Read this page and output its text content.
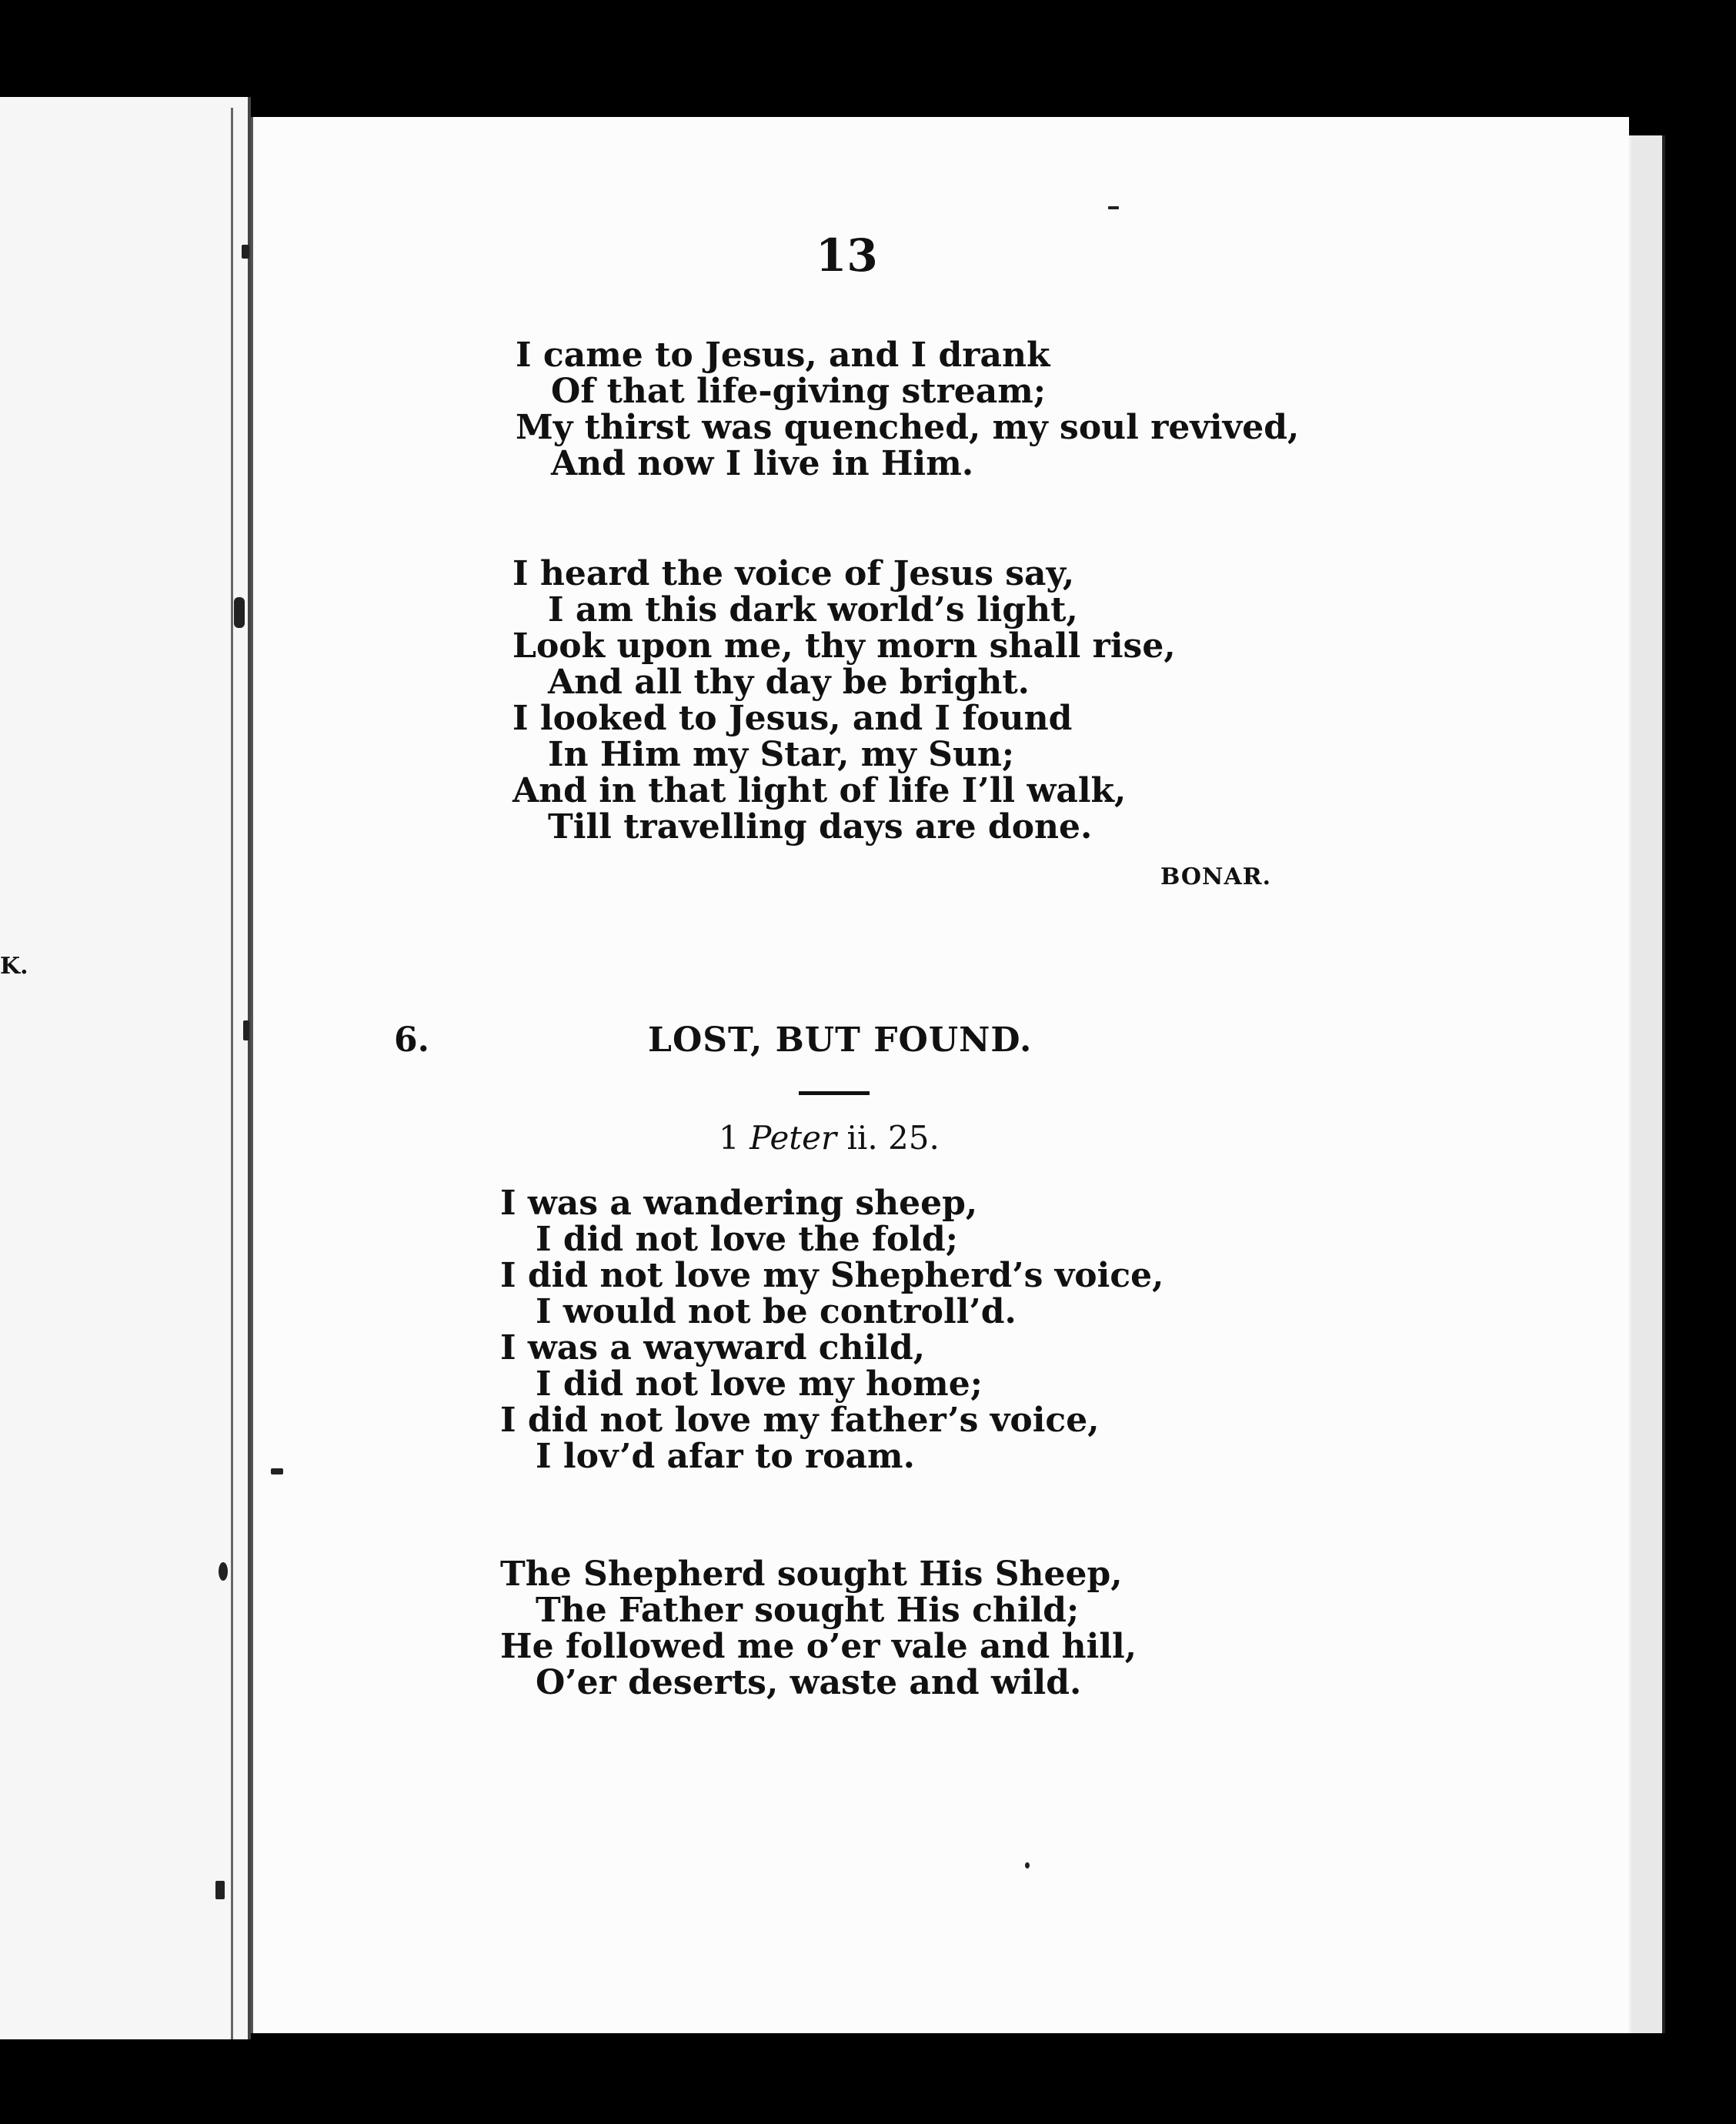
K.
13
I came to Jesus, and I drank
Of that life-giving stream;
My thirst was quenched, my soul revived,
And now I live in Him.
I heard the voice of Jesus say,
I am this dark world’s light,
Look upon me, thy morn shall rise,
And all thy day be bright.
I looked to Jesus, and I found
In Him my Star, my Sun;
And in that light of life I’ll walk,
Till travelling days are done.
BONAR.
6.	LOST, BUT FOUND.
1 Peter ii. 25.
I was a wandering sheep,
I did not love the fold;
I did not love my Shepherd’s voice,
I would not be controll’d.
I was a wayward child,
I did not love my home;
I did not love my father’s voice,
I lov’d afar to roam.
The Shepherd sought His Sheep,
The Father sought His child;
He followed me o’er vale and hill,
O’er deserts, waste and wild.
